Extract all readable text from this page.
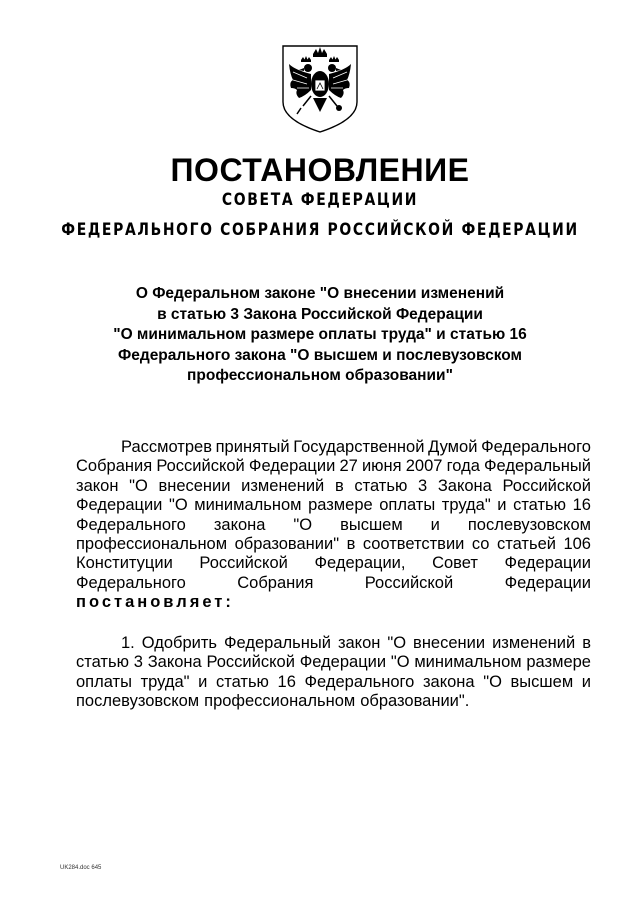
ПОСТАНОВЛЕНИЕ
СОВЕТА ФЕДЕРАЦИИ
ФЕДЕРАЛЬНОГО СОБРАНИЯ РОССИЙСКОЙ ФЕДЕРАЦИИ
О Федеральном законе "О внесении изменений
в статью 3 Закона Российской Федерации
"О минимальном размере оплаты труда" и статью 16
Федерального закона "О высшем и послевузовском
профессиональном образовании"
Рассмотрев принятый Государственной Думой Федерального
Собрания Российской Федерации 27 июня 2007 года Федеральный
закон "О внесении изменений в статью 3 Закона Российской
Федерации "О минимальном размере оплаты труда" и статью 16
Федерального закона "О высшем и послевузовском
профессиональном образовании" в соответствии со статьей 106
Конституции Российской Федерации, Совет Федерации
Федерального	Собрания	Российской	Федерации
постановляет:
1. Одобрить Федеральный закон "О внесении изменений в
статью 3 Закона Российской Федерации "О минимальном размере
оплаты труда" и статью 16 Федерального закона "О высшем и
послевузовском профессиональном образовании".
UK284.doc 645
